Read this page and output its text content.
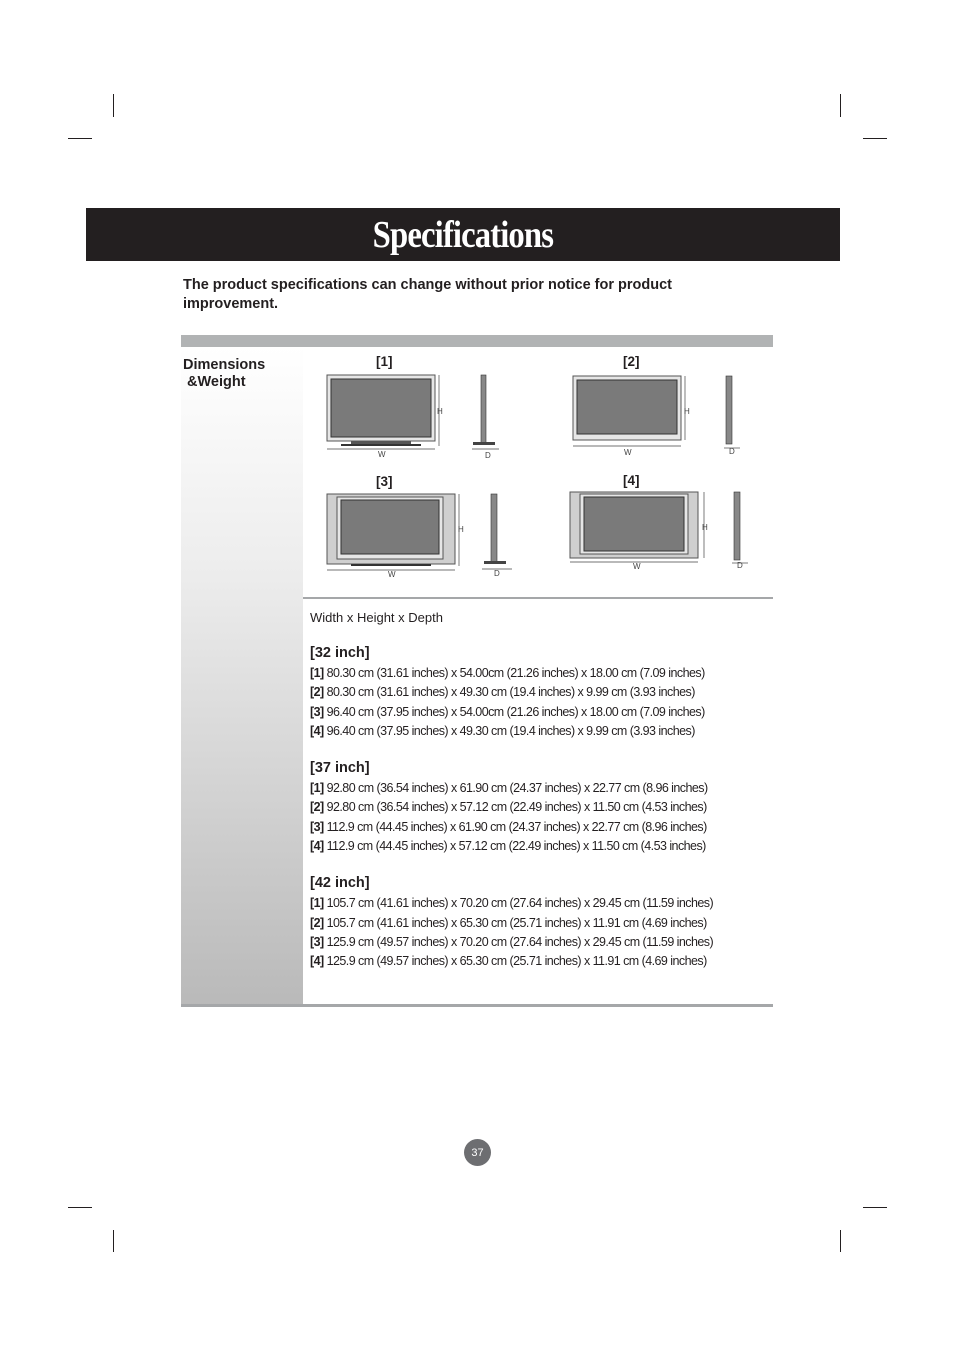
Specifications
The product specifications can change without prior notice for product improvement.
Dimensions
&Weight
[1]	[2]
[3]	[4]
W
H
D	W
H
D
W
H
D
W
H
D

Width x Height x Depth

[32 inch]
[1] 80.30 cm (31.61 inches) x 54.00cm (21.26 inches) x 18.00 cm (7.09 inches)
[2] 80.30 cm (31.61 inches) x 49.30 cm (19.4 inches) x 9.99 cm (3.93 inches)
[3] 96.40 cm (37.95 inches) x 54.00cm (21.26 inches) x 18.00 cm (7.09 inches)
[4] 96.40 cm (37.95 inches) x 49.30 cm (19.4 inches) x 9.99 cm (3.93 inches)
[37 inch]
[1] 92.80 cm (36.54 inches) x 61.90 cm (24.37 inches) x 22.77 cm (8.96 inches)
[2] 92.80 cm (36.54 inches) x 57.12 cm (22.49 inches) x 11.50 cm (4.53 inches)
[3] 112.9 cm (44.45 inches) x 61.90 cm (24.37 inches) x 22.77 cm (8.96 inches)
[4] 112.9 cm (44.45 inches) x 57.12 cm (22.49 inches) x 11.50 cm (4.53 inches)
[42 inch]
[1] 105.7 cm (41.61 inches) x 70.20 cm (27.64 inches) x 29.45 cm (11.59 inches)
[2] 105.7 cm (41.61 inches) x 65.30 cm (25.71 inches) x 11.91 cm (4.69 inches)
[3] 125.9 cm (49.57 inches) x 70.20 cm (27.64 inches) x 29.45 cm (11.59 inches)
[4] 125.9 cm (49.57 inches) x 65.30 cm (25.71 inches) x 11.91 cm (4.69 inches)
37
